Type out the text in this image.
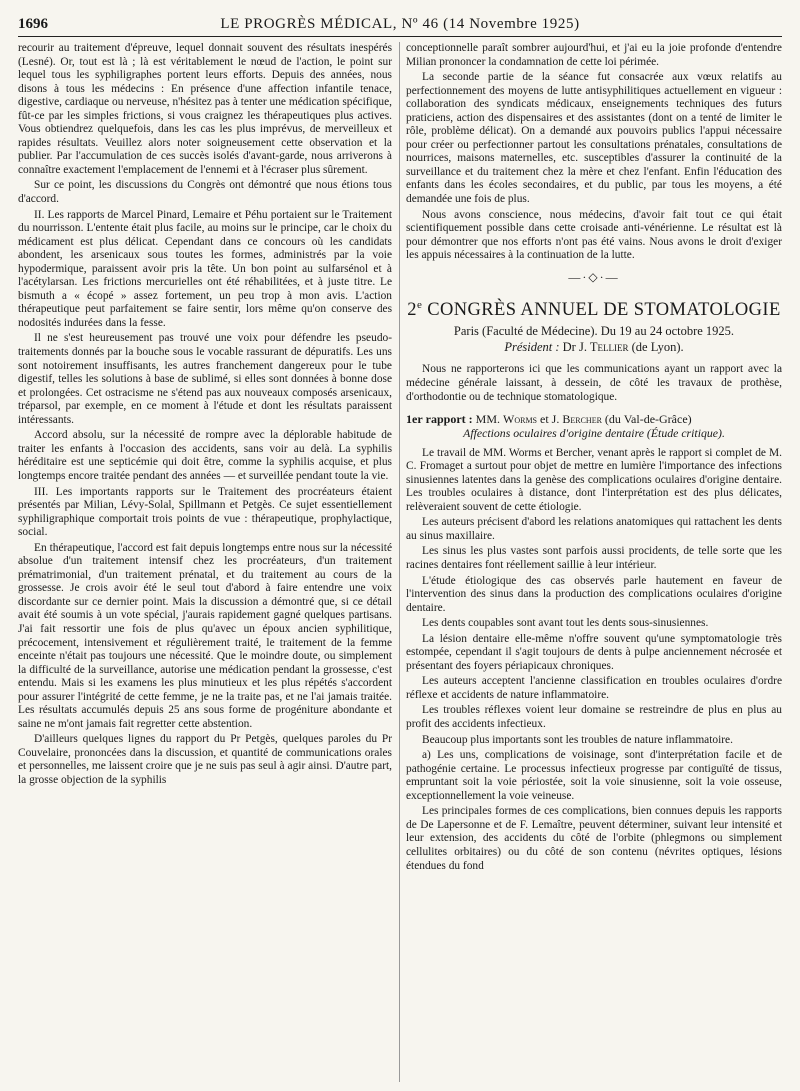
1696	LE PROGRÈS MÉDICAL, Nº 46 (14 Novembre 1925)

recourir au traitement d'épreuve, lequel donnait souvent des résultats inespérés (Lesné). Or, tout est là ; là est véritablement le nœud de l'action, le point sur lequel tous les syphiligraphes portent leurs efforts. Depuis des années, nous disons à tous les médecins : En présence d'une affection infantile tenace, digestive, cardiaque ou nerveuse, n'hésitez pas à tenter une médication spécifique, fût-ce par les simples frictions, si vous craignez les thérapeutiques plus actives. Vous obtiendrez quelquefois, dans les cas les plus imprévus, de merveilleux et rapides résultats. Veuillez alors noter soigneusement cette observation et la publier. Par l'accumulation de ces succès isolés d'avant-garde, nous arriverons à connaître exactement l'emplacement de l'ennemi et à l'écraser plus sûrement.

Sur ce point, les discussions du Congrès ont démontré que nous étions tous d'accord.

II. Les rapports de Marcel Pinard, Lemaire et Péhu portaient sur le Traitement du nourrisson. L'entente était plus facile, au moins sur le principe, car le choix du médicament est plus délicat. Cependant dans ce concours où les candidats abondent, les arsenicaux sous toutes les formes, administrés par la voie hypodermique, paraissent avoir pris la tête. Un bon point au sulfarsénol et à l'acétylarsan. Les frictions mercurielles ont été réhabilitées, et à juste titre. Le bismuth a « écopé » assez fortement, un peu trop à mon avis. L'action thérapeutique peut parfaitement se faire sentir, lors même qu'on conserve des nodosités indurées dans la fesse.

Il ne s'est heureusement pas trouvé une voix pour défendre les pseudo-traitements donnés par la bouche sous le vocable rassurant de dépuratifs. Les uns sont notoirement insuffisants, les autres franchement dangereux pour le tube digestif, telles les solutions à base de sublimé, si elles sont données à bonne dose et prolongées. Cet ostracisme ne s'étend pas aux nouveaux composés arsenicaux, tréparsol, par exemple, en ce moment à l'étude et dont les résultats paraissent intéressants.

Accord absolu, sur la nécessité de rompre avec la déplorable habitude de traiter les enfants à l'occasion des accidents, sans voir au delà. La syphilis héréditaire est une septicémie qui doit être, comme la syphilis acquise, et plus longtemps encore traitée pendant des années — et surveillée pendant toute la vie.

III. Les importants rapports sur le Traitement des procréateurs étaient présentés par Milian, Lévy-Solal, Spillmann et Petgès. Ce sujet essentiellement syphiligraphique comportait trois points de vue : thérapeutique, prophylactique, social.

En thérapeutique, l'accord est fait depuis longtemps entre nous sur la nécessité absolue d'un traitement intensif chez les procréateurs, d'un traitement prématrimonial, d'un traitement prénatal, et du traitement au cours de la grossesse. Je crois avoir été le seul tout d'abord à faire entendre une voix discordante sur ce dernier point. Mais la discussion a démontré que, si ce détail avait été soumis à un vote spécial, j'aurais rapidement gagné quelques partisans. J'ai fait ressortir une fois de plus qu'avec un époux ancien syphilitique, précocement, intensivement et régulièrement traité, le traitement de la femme enceinte n'était pas toujours une nécessité. Que le moindre doute, ou simplement la difficulté de la surveillance, autorise une médication pendant la grossesse, c'est entendu. Mais si les examens les plus minutieux et les plus répétés s'accordent pour assurer l'intégrité de cette femme, je ne la traite pas, et ne l'ai jamais traitée. Les résultats accumulés depuis 25 ans sous forme de progéniture abondante et saine ne m'ont jamais fait regretter cette abstention.

D'ailleurs quelques lignes du rapport du Pr Petgès, quelques paroles du Pr Couvelaire, prononcées dans la discussion, et quantité de communications orales et personnelles, me laissent croire que je ne suis pas seul à agir ainsi. D'autre part, la grosse objection de la syphilis

conceptionnelle paraît sombrer aujourd'hui, et j'ai eu la joie profonde d'entendre Milian prononcer la condamnation de cette loi périmée.

La seconde partie de la séance fut consacrée aux vœux relatifs au perfectionnement des moyens de lutte antisyphilitiques actuellement en vigueur : collaboration des syndicats médicaux, enseignements techniques des futurs praticiens, action des dispensaires et des assistantes (dont on a tenté de limiter le rôle, problème délicat). On a demandé aux pouvoirs publics l'appui nécessaire pour créer ou perfectionner partout les consultations prénatales, consultations de nourrices, maisons maternelles, etc. susceptibles d'assurer la continuité de la surveillance et du traitement chez la mère et chez l'enfant. Enfin l'éducation des enfants dans les écoles secondaires, et du public, par tous les moyens, a été demandée une fois de plus.

Nous avons conscience, nous médecins, d'avoir fait tout ce qui était scientifiquement possible dans cette croisade anti-vénérienne. Le résultat est là pour démontrer que nos efforts n'ont pas été vains. Nous avons le droit d'exiger les appuis nécessaires à la continuation de la lutte.

—·◇·—
2e CONGRÈS ANNUEL DE STOMATOLOGIE
Paris (Faculté de Médecine). Du 19 au 24 octobre 1925.
Président : Dr J. Tellier (de Lyon).

Nous ne rapporterons ici que les communications ayant un rapport avec la médecine générale laissant, à dessein, de côté les travaux de prothèse, d'orthodontie ou de technique stomatologique.

1er rapport : MM. Worms et J. Bercher (du Val-de-Grâce)
Affections oculaires d'origine dentaire (Étude critique).

Le travail de MM. Worms et Bercher, venant après le rapport si complet de M. C. Fromaget a surtout pour objet de mettre en lumière l'importance des infections sinusiennes latentes dans la genèse des complications oculaires d'origine dentaire. Les troubles oculaires à distance, dont l'interprétation est des plus délicates, relèveraient souvent de cette étiologie.

Les auteurs précisent d'abord les relations anatomiques qui rattachent les dents au sinus maxillaire.

Les sinus les plus vastes sont parfois aussi procidents, de telle sorte que les racines dentaires font réellement saillie à leur intérieur.

L'étude étiologique des cas observés parle hautement en faveur de l'intervention des sinus dans la production des complications oculaires d'origine dentaire.

Les dents coupables sont avant tout les dents sous-sinusiennes.

La lésion dentaire elle-même n'offre souvent qu'une symptomatologie très estompée, cependant il s'agit toujours de dents à pulpe anciennement nécrosée et présentant des foyers périapicaux chroniques.

Les auteurs acceptent l'ancienne classification en troubles oculaires d'ordre réflexe et accidents de nature inflammatoire.

Les troubles réflexes voient leur domaine se restreindre de plus en plus au profit des accidents infectieux.

Beaucoup plus importants sont les troubles de nature inflammatoire.

a) Les uns, complications de voisinage, sont d'interprétation facile et de pathogénie certaine. Le processus infectieux progresse par contiguïté de tissus, empruntant soit la voie périostée, soit la voie sinusienne, soit la voie osseuse, exceptionnellement la voie veineuse.

Les principales formes de ces complications, bien connues depuis les rapports de De Lapersonne et de F. Lemaître, peuvent déterminer, suivant leur intensité et leur extension, des accidents du côté de l'orbite (phlegmons ou simplement cellulites orbitaires) ou du côté de son contenu (névrites optiques, lésions étendues du fond
